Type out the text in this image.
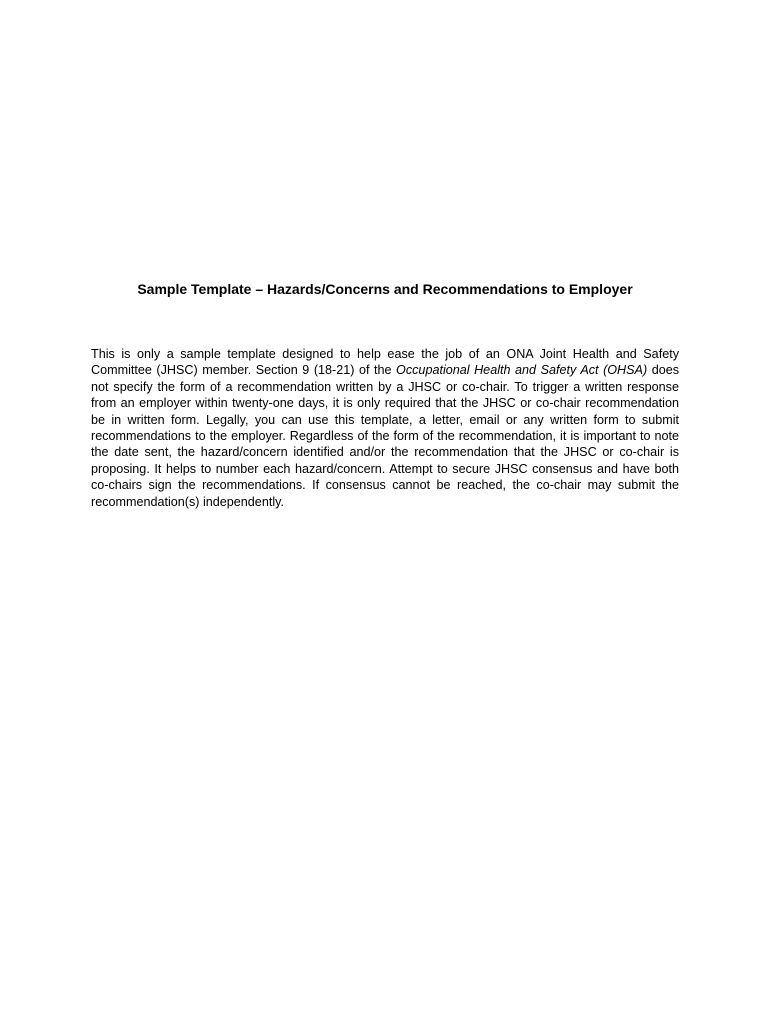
Sample Template – Hazards/Concerns and Recommendations to Employer

This is only a sample template designed to help ease the job of an ONA Joint Health and Safety Committee (JHSC) member. Section 9 (18-21) of the Occupational Health and Safety Act (OHSA) does not specify the form of a recommendation written by a JHSC or co-chair. To trigger a written response from an employer within twenty-one days, it is only required that the JHSC or co-chair recommendation be in written form. Legally, you can use this template, a letter, email or any written form to submit recommendations to the employer. Regardless of the form of the recommendation, it is important to note the date sent, the hazard/concern identified and/or the recommendation that the JHSC or co-chair is proposing. It helps to number each hazard/concern. Attempt to secure JHSC consensus and have both co-chairs sign the recommendations. If consensus cannot be reached, the co-chair may submit the recommendation(s) independently.
